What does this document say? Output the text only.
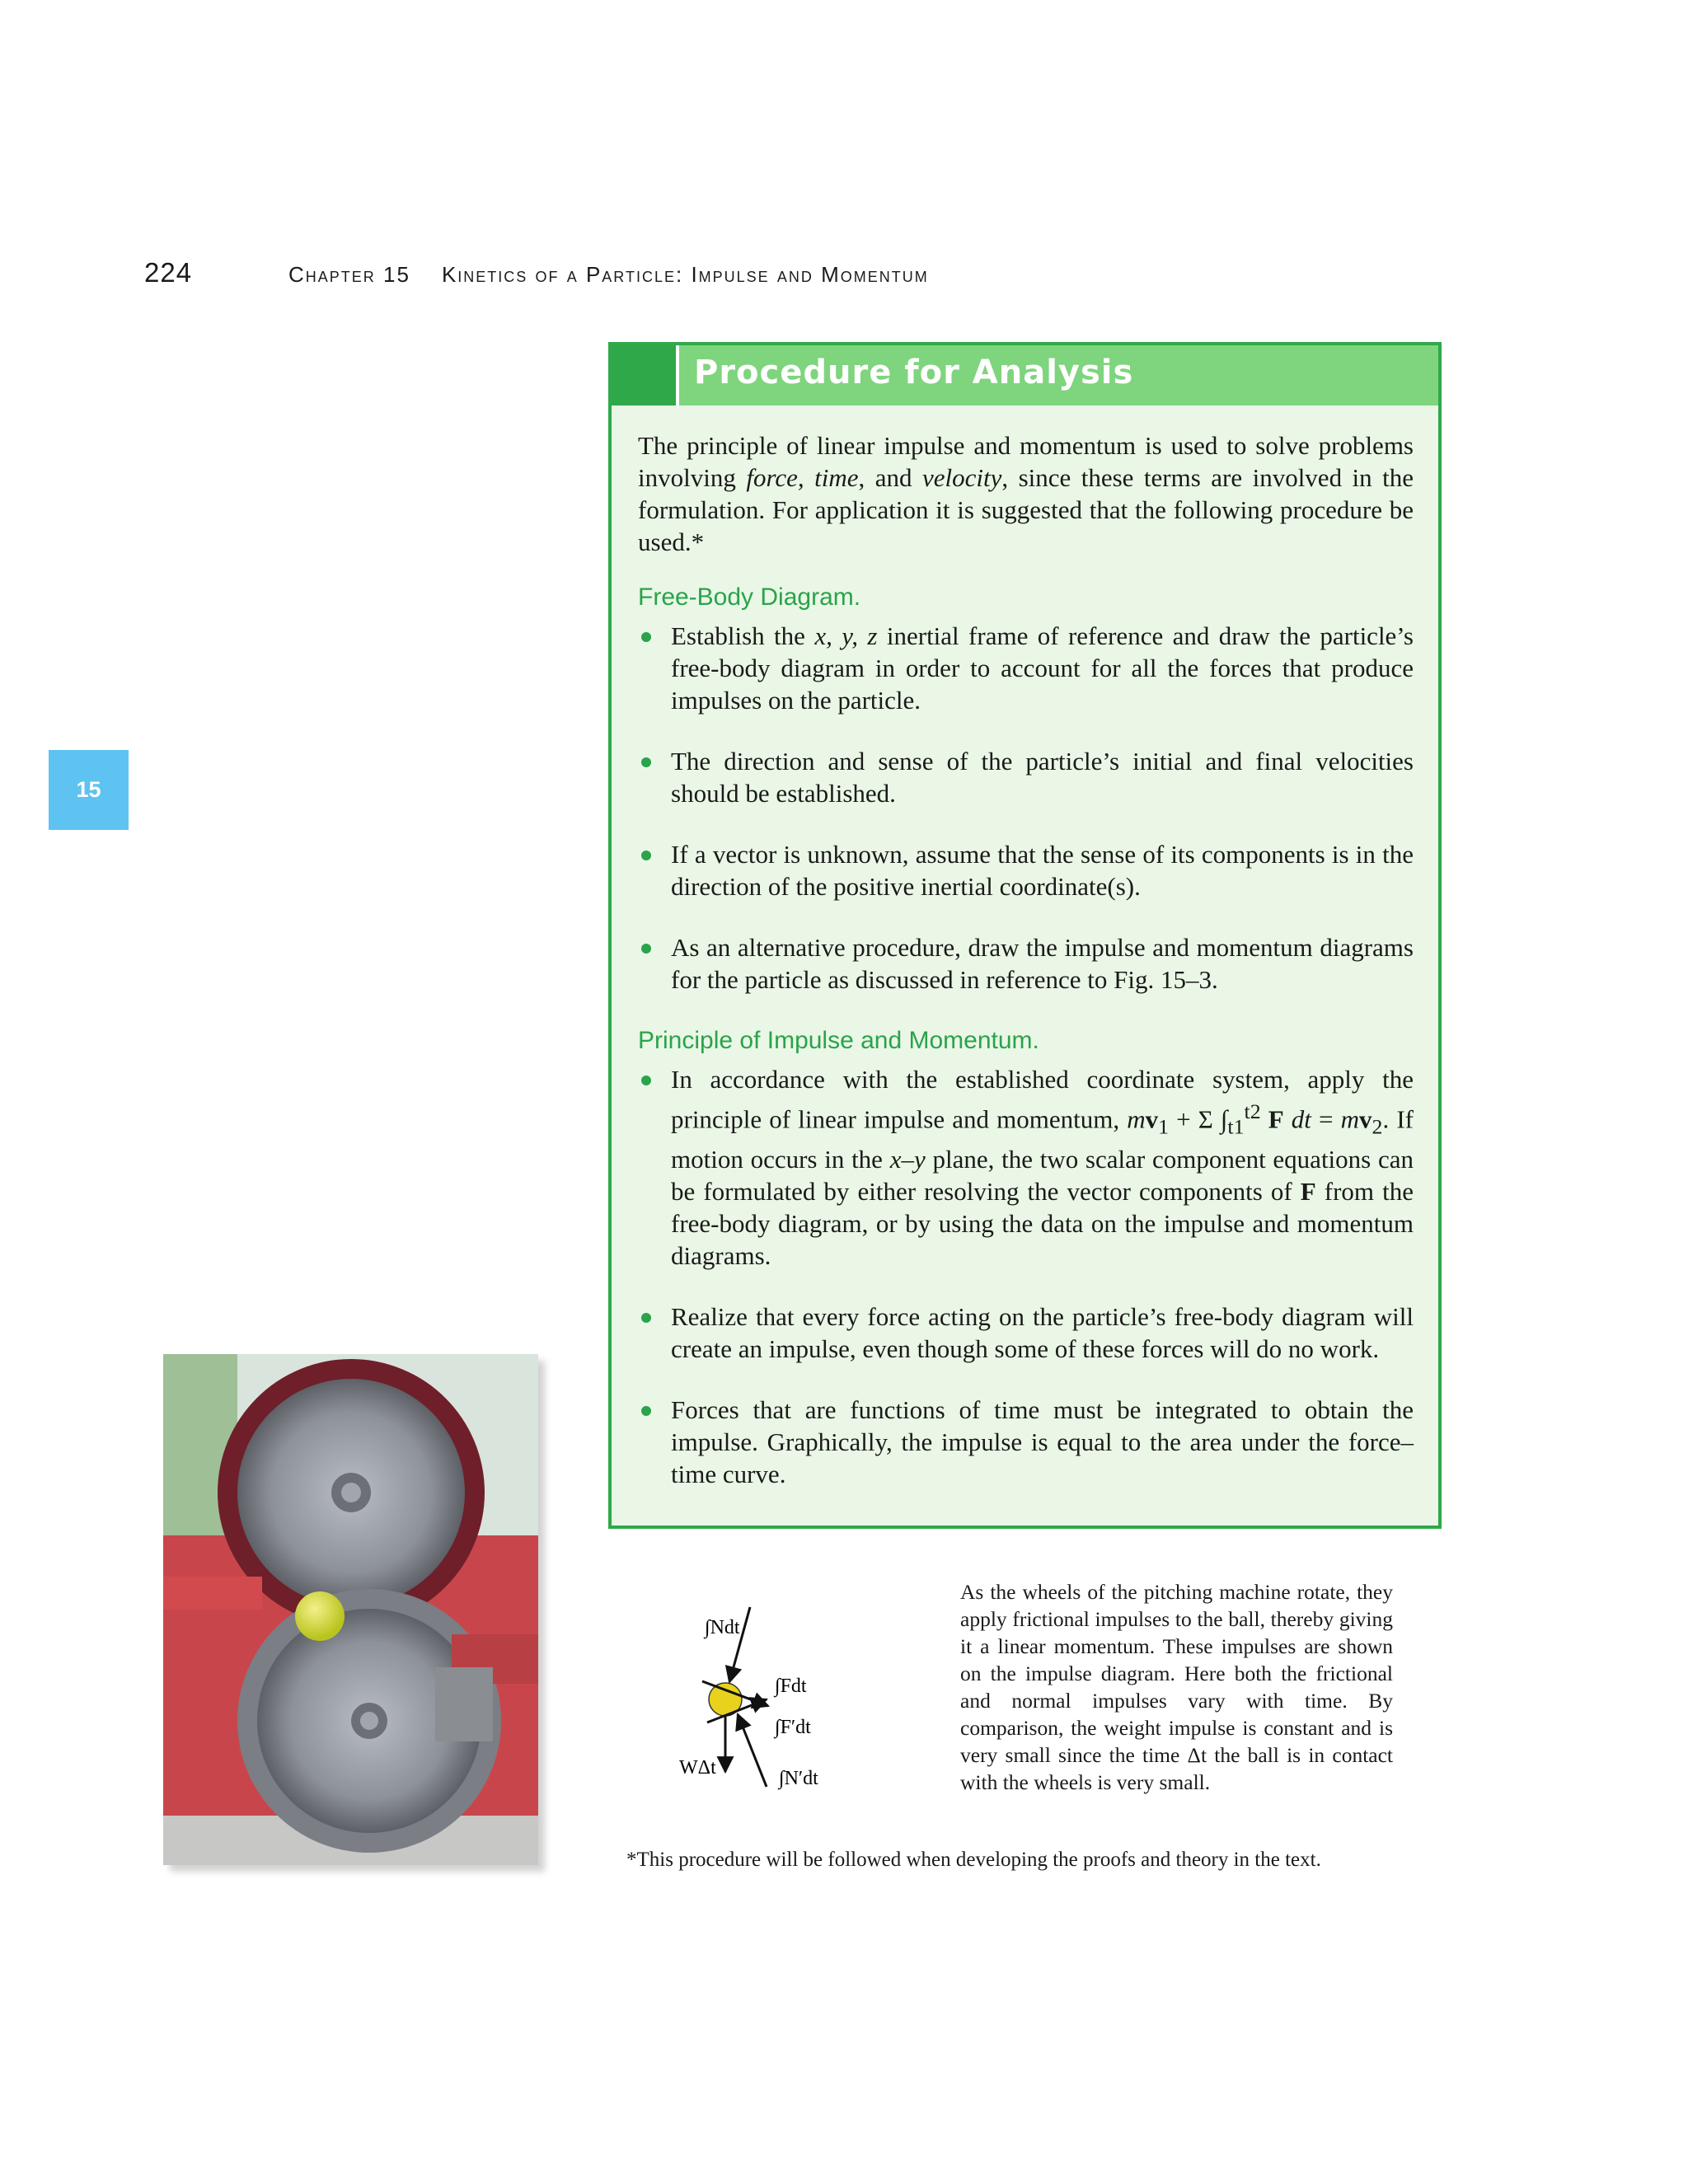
224	Chapter 15 Kinetics of a Particle: Impulse and Momentum
15
Procedure for Analysis

The principle of linear impulse and momentum is used to solve problems involving force, time, and velocity, since these terms are involved in the formulation. For application it is suggested that the following procedure be used.*

Free-Body Diagram.
Establish the x, y, z inertial frame of reference and draw the particle’s free-body diagram in order to account for all the forces that produce impulses on the particle.
The direction and sense of the particle’s initial and final velocities should be established.
If a vector is unknown, assume that the sense of its components is in the direction of the positive inertial coordinate(s).
As an alternative procedure, draw the impulse and momentum diagrams for the particle as discussed in reference to Fig. 15–3.
Principle of Impulse and Momentum.
In accordance with the established coordinate system, apply the principle of linear impulse and momentum, $mv_1 + \Sigma$ $\int_{t1}^{t2}$ F dt = $mv_2$. If motion occurs in the x–y plane, the two scalar component equations can be formulated by either resolving the vector components of F from the free-body diagram, or by using the data on the impulse and momentum diagrams.
Realize that every force acting on the particle’s free-body diagram will create an impulse, even though some of these forces will do no work.
Forces that are functions of time must be integrated to obtain the impulse. Graphically, the impulse is equal to the area under the force–time curve.
∫Ndt
∫Fdt
∫F′dt
WΔt	∫N′dt
As the wheels of the pitching machine rotate, they apply frictional impulses to the ball, thereby giving it a linear momentum. These impulses are shown on the impulse diagram. Here both the frictional and normal impulses vary with time. By comparison, the weight impulse is constant and is very small since the time Δt the ball is in contact with the wheels is very small.
*This procedure will be followed when developing the proofs and theory in the text.
